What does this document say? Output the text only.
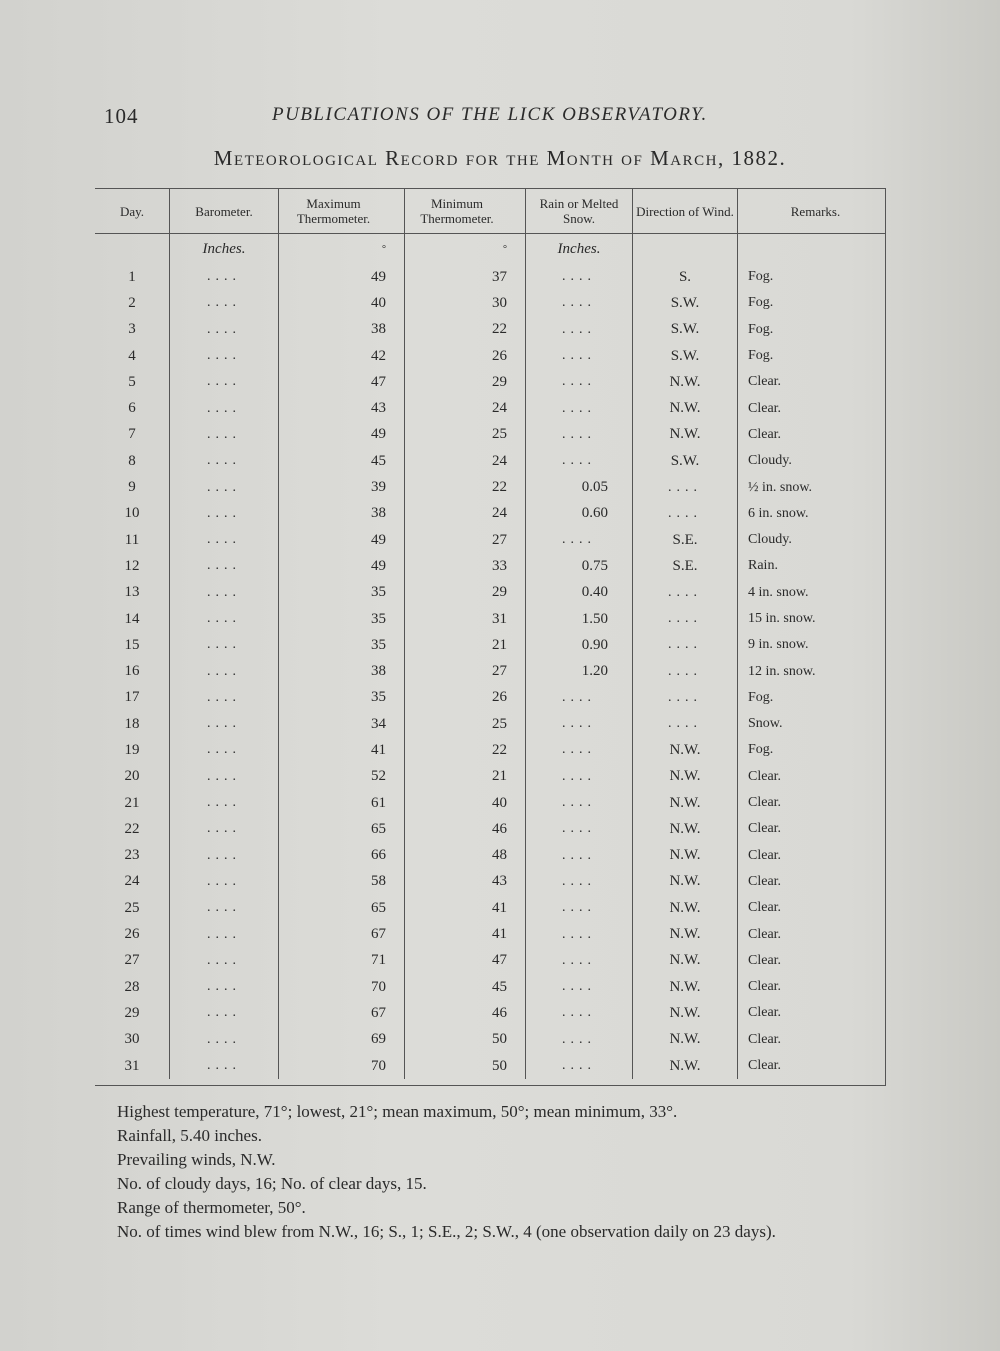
104	PUBLICATIONS OF THE LICK OBSERVATORY.
Meteorological Record for the Month of March, 1882.
Day.	Barometer.	Maximum Thermometer.	Minimum Thermometer.	Rain or Melted Snow.	Direction of Wind.	Remarks.
	Inches.	°	°	Inches.		
1	....	49	37	....	S.	Fog.
2	....	40	30	....	S.W.	Fog.
3	....	38	22	....	S.W.	Fog.
4	....	42	26	....	S.W.	Fog.
5	....	47	29	....	N.W.	Clear.
6	....	43	24	....	N.W.	Clear.
7	....	49	25	....	N.W.	Clear.
8	....	45	24	....	S.W.	Cloudy.
9	....	39	22	0.05	....	½ in. snow.
10	....	38	24	0.60	....	6 in. snow.
11	....	49	27	....	S.E.	Cloudy.
12	....	49	33	0.75	S.E.	Rain.
13	....	35	29	0.40	....	4 in. snow.
14	....	35	31	1.50	....	15 in. snow.
15	....	35	21	0.90	....	9 in. snow.
16	....	38	27	1.20	....	12 in. snow.
17	....	35	26	....	....	Fog.
18	....	34	25	....	....	Snow.
19	....	41	22	....	N.W.	Fog.
20	....	52	21	....	N.W.	Clear.
21	....	61	40	....	N.W.	Clear.
22	....	65	46	....	N.W.	Clear.
23	....	66	48	....	N.W.	Clear.
24	....	58	43	....	N.W.	Clear.
25	....	65	41	....	N.W.	Clear.
26	....	67	41	....	N.W.	Clear.
27	....	71	47	....	N.W.	Clear.
28	....	70	45	....	N.W.	Clear.
29	....	67	46	....	N.W.	Clear.
30	....	69	50	....	N.W.	Clear.
31	....	70	50	....	N.W.	Clear.
Highest temperature, 71°; lowest, 21°; mean maximum, 50°; mean minimum, 33°.
Rainfall, 5.40 inches.
Prevailing winds, N.W.
No. of cloudy days, 16; No. of clear days, 15.
Range of thermometer, 50°.
No. of times wind blew from N.W., 16; S., 1; S.E., 2; S.W., 4 (one observation daily on 23 days).
